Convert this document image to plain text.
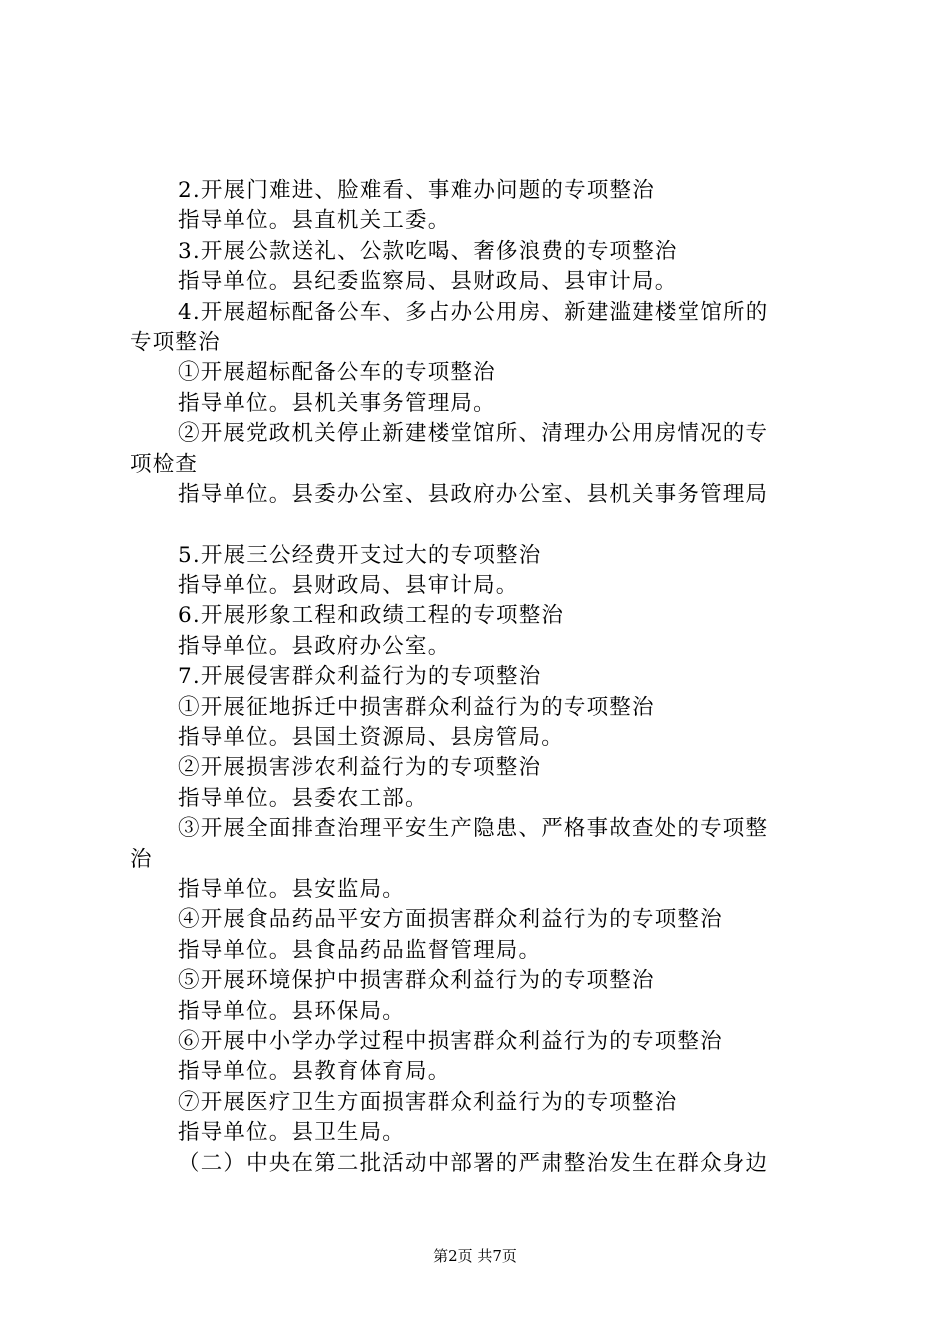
2.开展门难进、脸难看、事难办问题的专项整治
指导单位。县直机关工委。
3.开展公款送礼、公款吃喝、奢侈浪费的专项整治
指导单位。县纪委监察局、县财政局、县审计局。
4.开展超标配备公车、多占办公用房、新建滥建楼堂馆所的
专项整治
①开展超标配备公车的专项整治
指导单位。县机关事务管理局。
②开展党政机关停止新建楼堂馆所、清理办公用房情况的专
项检查
指导单位。县委办公室、县政府办公室、县机关事务管理局
5.开展三公经费开支过大的专项整治
指导单位。县财政局、县审计局。
6.开展形象工程和政绩工程的专项整治
指导单位。县政府办公室。
7.开展侵害群众利益行为的专项整治
①开展征地拆迁中损害群众利益行为的专项整治
指导单位。县国土资源局、县房管局。
②开展损害涉农利益行为的专项整治
指导单位。县委农工部。
③开展全面排查治理平安生产隐患、严格事故查处的专项整
治
指导单位。县安监局。
④开展食品药品平安方面损害群众利益行为的专项整治
指导单位。县食品药品监督管理局。
⑤开展环境保护中损害群众利益行为的专项整治
指导单位。县环保局。
⑥开展中小学办学过程中损害群众利益行为的专项整治
指导单位。县教育体育局。
⑦开展医疗卫生方面损害群众利益行为的专项整治
指导单位。县卫生局。
（二）中央在第二批活动中部署的严肃整治发生在群众身边
第2页 共7页
